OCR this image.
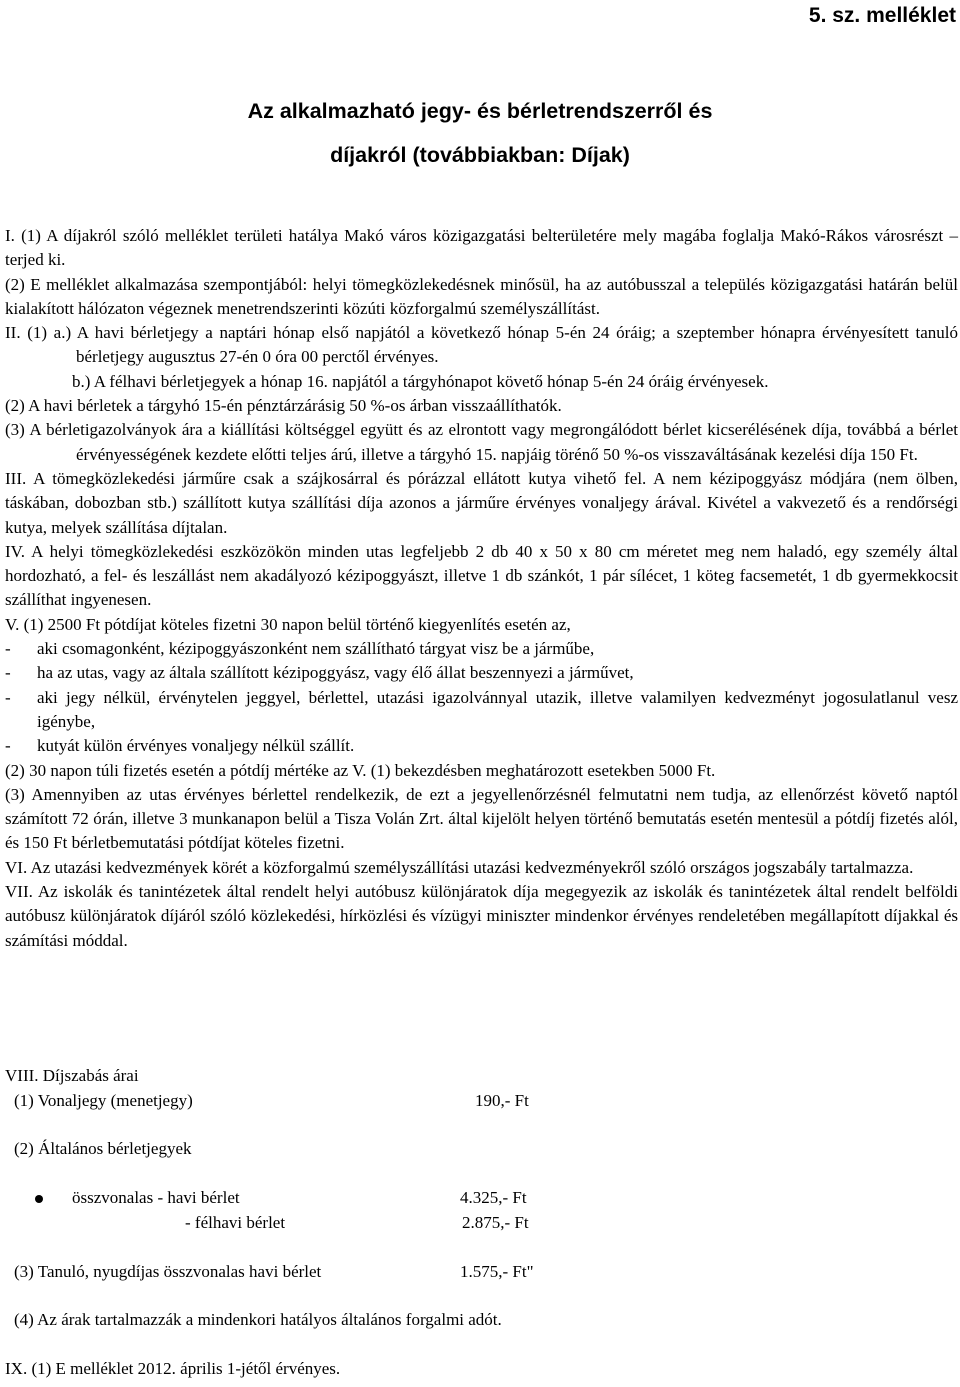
5. sz. melléklet
Az alkalmazható jegy- és bérletrendszerről és
díjakról (továbbiakban: Díjak)

I. (1) A díjakról szóló melléklet területi hatálya Makó város közigazgatási belterületére mely magába foglalja Makó-Rákos városrészt – terjed ki.

(2) E melléklet alkalmazása szempontjából: helyi tömegközlekedésnek minősül, ha az autóbusszal a település közigazgatási határán belül kialakított hálózaton végeznek menetrendszerinti közúti közforgalmú személyszállítást.

II. (1) a.) A havi bérletjegy a naptári hónap első napjától a következő hónap 5-én 24 óráig; a szeptember hónapra érvényesített tanuló bérletjegy augusztus 27-én 0 óra 00 perctől érvényes.

b.) A félhavi bérletjegyek a hónap 16. napjától a tárgyhónapot követő hónap 5-én 24 óráig érvényesek.

(2) A havi bérletek a tárgyhó 15-én pénztárzárásig 50 %-os árban visszaállíthatók.

(3) A bérletigazolványok ára a kiállítási költséggel együtt és az elrontott vagy megrongálódott bérlet kicserélésének díja, továbbá a bérlet érvényességének kezdete előtti teljes árú, illetve a tárgyhó 15. napjáig törénő 50 %-os visszaváltásának kezelési díja 150 Ft.

III. A tömegközlekedési járműre csak a szájkosárral és pórázzal ellátott kutya vihető fel. A nem kézipoggyász módjára (nem ölben, táskában, dobozban stb.) szállított kutya szállítási díja azonos a járműre érvényes vonaljegy árával. Kivétel a vakvezető és a rendőrségi kutya, melyek szállítása díjtalan.

IV. A helyi tömegközlekedési eszközökön minden utas legfeljebb 2 db 40 x 50 x 80 cm méretet meg nem haladó, egy személy által hordozható, a fel- és leszállást nem akadályozó kézipoggyászt, illetve 1 db szánkót, 1 pár sílécet, 1 köteg facsemetét, 1 db gyermekkocsit szállíthat ingyenesen.

V. (1) 2500 Ft pótdíjat köteles fizetni 30 napon belül történő kiegyenlítés esetén az,

- aki csomagonként, kézipoggyászonként nem szállítható tárgyat visz be a járműbe,

- ha az utas, vagy az általa szállított kézipoggyász, vagy élő állat beszennyezi a járművet,

- aki jegy nélkül, érvénytelen jeggyel, bérlettel, utazási igazolvánnyal utazik, illetve valamilyen kedvezményt jogosulatlanul vesz igénybe,

- kutyát külön érvényes vonaljegy nélkül szállít.

(2) 30 napon túli fizetés esetén a pótdíj mértéke az V. (1) bekezdésben meghatározott esetekben 5000 Ft.

(3) Amennyiben az utas érvényes bérlettel rendelkezik, de ezt a jegyellenőrzésnél felmutatni nem tudja, az ellenőrzést követő naptól számított 72 órán, illetve 3 munkanapon belül a Tisza Volán Zrt. által kijelölt helyen történő bemutatás esetén mentesül a pótdíj fizetés alól, és 150 Ft bérletbemutatási pótdíjat köteles fizetni.

VI. Az utazási kedvezmények körét a közforgalmú személyszállítási utazási kedvezményekről szóló országos jogszabály tartalmazza.

VII. Az iskolák és tanintézetek által rendelt helyi autóbusz különjáratok díja megegyezik az iskolák és tanintézetek által rendelt belföldi autóbusz különjáratok díjáról szóló közlekedési, hírközlési és vízügyi miniszter mindenkor érvényes rendeletében megállapított díjakkal és számítási móddal.

VIII. Díjszabás árai
(1) Vonaljegy (menetjegy)	190,- Ft
(2) Általános bérletjegyek
összvonalas - havi bérlet	4.325,- Ft
- félhavi bérlet	2.875,- Ft
(3) Tanuló, nyugdíjas összvonalas havi bérlet	1.575,- Ft"
(4) Az árak tartalmazzák a mindenkori hatályos általános forgalmi adót.
IX. (1) E melléklet 2012. április 1-jétől érvényes.
